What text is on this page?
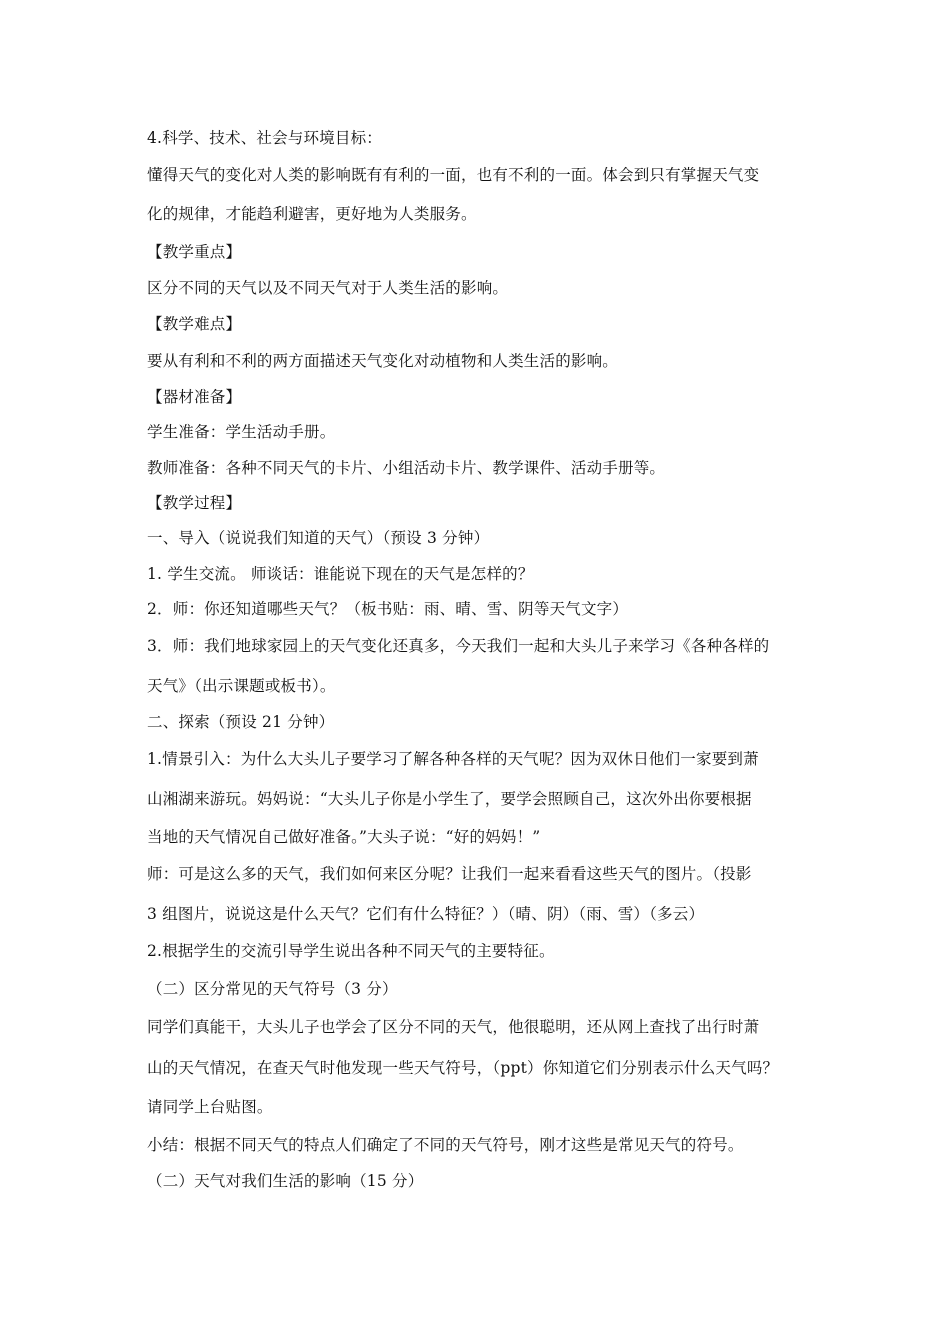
4.科学、技术、社会与环境目标：
懂得天气的变化对人类的影响既有有利的一面，也有不利的一面。体会到只有掌握天气变
化的规律，才能趋利避害，更好地为人类服务。
【教学重点】
区分不同的天气以及不同天气对于人类生活的影响。
【教学难点】
要从有利和不利的两方面描述天气变化对动植物和人类生活的影响。
【器材准备】
学生准备：学生活动手册。
教师准备：各种不同天气的卡片、小组活动卡片、教学课件、活动手册等。
【教学过程】
一、导入（说说我们知道的天气）（预设 3 分钟）
1. 学生交流。 师谈话：谁能说下现在的天气是怎样的？
2．师：你还知道哪些天气？（板书贴：雨、晴、雪、阴等天气文字）
3．师：我们地球家园上的天气变化还真多，今天我们一起和大头儿子来学习《各种各样的
天气》（出示课题或板书）。
二、探索（预设 21 分钟）
1.情景引入：为什么大头儿子要学习了解各种各样的天气呢？因为双休日他们一家要到萧
山湘湖来游玩。妈妈说：“大头儿子你是小学生了，要学会照顾自己，这次外出你要根据
当地的天气情况自己做好准备。”大头子说：“好的妈妈！”
师：可是这么多的天气，我们如何来区分呢？让我们一起来看看这些天气的图片。（投影
3 组图片，说说这是什么天气？它们有什么特征？）（晴、阴）（雨、雪）（多云）
2.根据学生的交流引导学生说出各种不同天气的主要特征。
（二）区分常见的天气符号（3 分）
同学们真能干，大头儿子也学会了区分不同的天气，他很聪明，还从网上查找了出行时萧
山的天气情况，在查天气时他发现一些天气符号，（ppt）你知道它们分别表示什么天气吗？
请同学上台贴图。
小结：根据不同天气的特点人们确定了不同的天气符号，刚才这些是常见天气的符号。
（二）天气对我们生活的影响（15 分）
